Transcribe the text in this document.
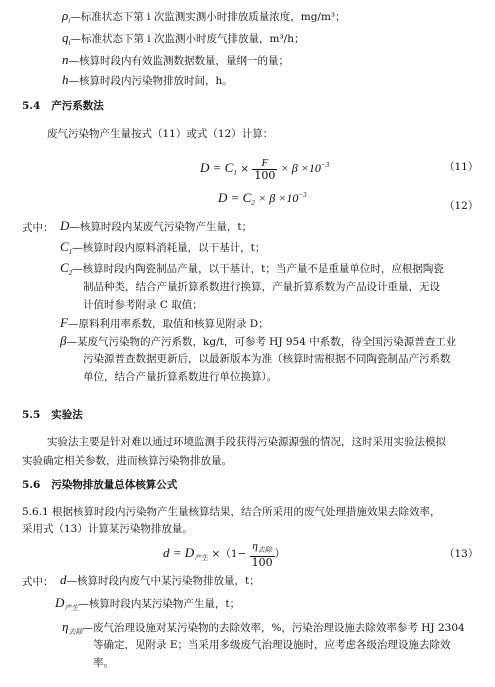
$\rho_i—$标准状态下第 i 次监测实测小时排放质量浓度，mg/m³；
$q_i—$标准状态下第 i 次监测小时废气排放量，m³/h；
n—核算时段内有效监测数据数量，量纲一的量；
h—核算时段内污染物排放时间，h。
5.4 产污系数法
废气污染物产生量按式（11）或式（12）计算：
$D = C_1 \times \frac{F}{100} \times \beta \times 10^{-3}$	（11）
$D = C_2 \times \beta \times 10^{-3}$
（12）
式中： D—核算时段内某废气污染物产生量，t；
$C_1—$核算时段内原料消耗量，以干基计，t；
$C_2—$核算时段内陶瓷制品产量，以干基计，t；当产量不是重量单位时，应根据陶瓷
制品种类，结合产量折算系数进行换算，产量折算系数为产品设计重量，无设
计值时参考附录 C 取值；
F—原料利用率系数，取值和核算见附录 D；
β—某废气污染物的产污系数，kg/t，可参考 HJ 954 中系数，待全国污染源普查工业
污染源普查数据更新后，以最新版本为准（核算时需根据不同陶瓷制品产污系数
单位，结合产量折算系数进行单位换算）。
5.5 实验法
实验法主要是针对难以通过环境监测手段获得污染源源强的情况，这时采用实验法模拟
实验确定相关参数，进而核算污染物排放量。
5.6 污染物排放量总体核算公式
5.6.1 根据核算时段内污染物产生量核算结果，结合所采用的废气处理措施效果去除效率，
采用式（13）计算某污染物排放量。
$d = D_{产生} \times(1- \frac{\eta_{去除}}{100}$ ）	（13）
式中： d—核算时段内废气中某污染物排放量，t；
$D_{产生}—$核算时段内某污染物产生量，t；
$\eta_{去除}—$废气治理设施对某污染物的去除效率，%，污染治理设施去除效率参考 HJ 2304
等确定，见附录 E；当采用多级废气治理设施时，应考虑各级治理设施去除效
率。
